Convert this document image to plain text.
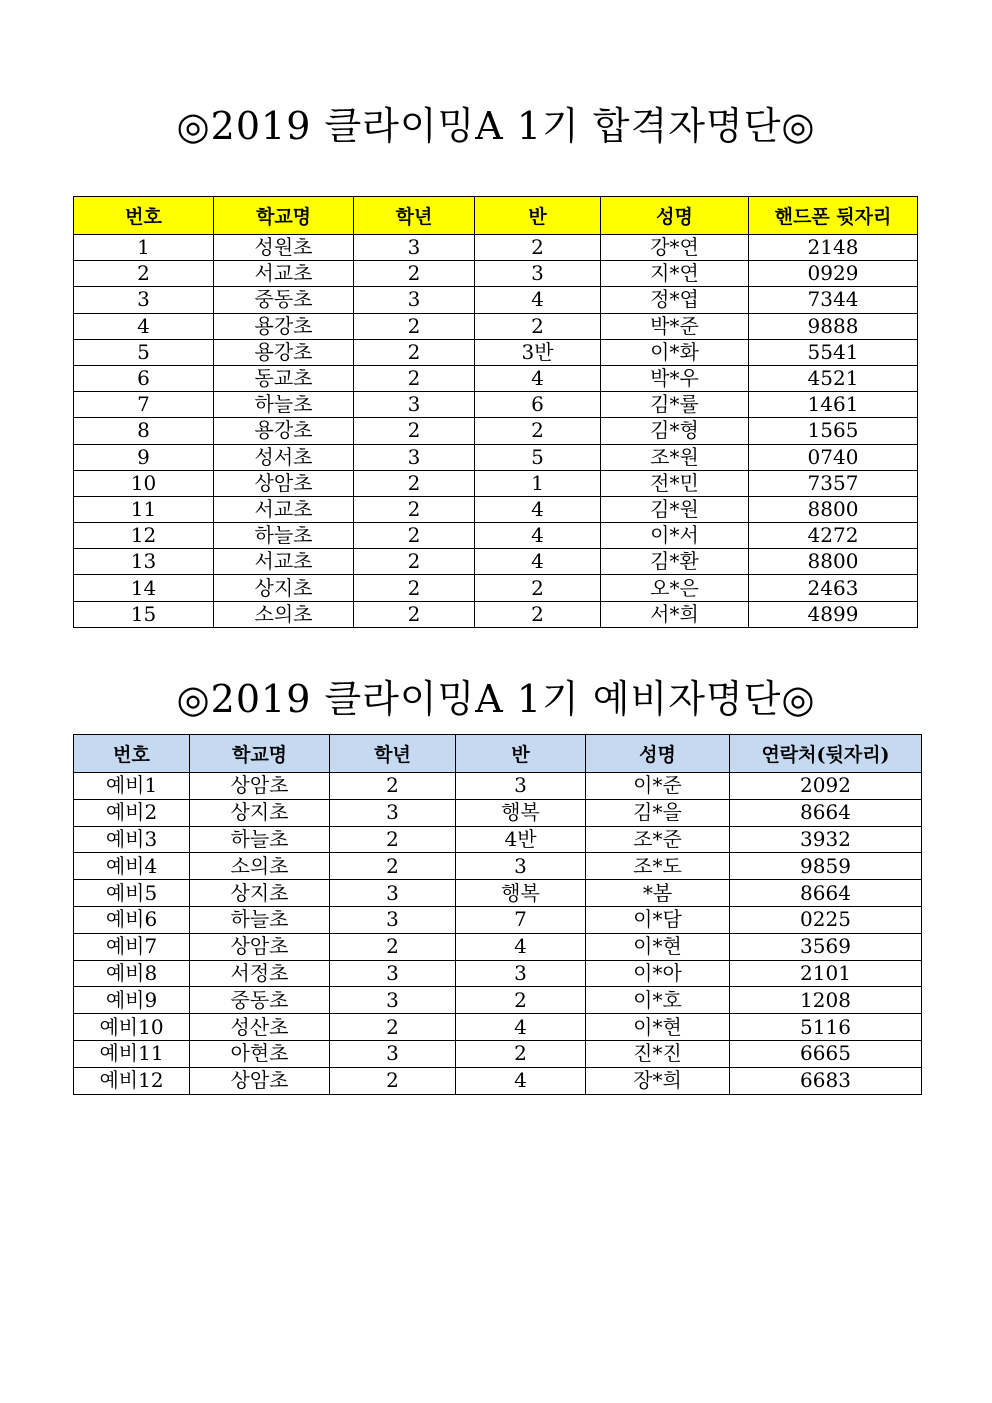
◎2019 클라이밍A 1기 합격자명단◎
번호	학교명	학년	반	성명	핸드폰 뒷자리
1	성원초	3	2	강*연	2148
2	서교초	2	3	지*연	0929
3	중동초	3	4	정*엽	7344
4	용강초	2	2	박*준	9888
5	용강초	2	3반	이*화	5541
6	동교초	2	4	박*우	4521
7	하늘초	3	6	김*률	1461
8	용강초	2	2	김*형	1565
9	성서초	3	5	조*원	0740
10	상암초	2	1	전*민	7357
11	서교초	2	4	김*원	8800
12	하늘초	2	4	이*서	4272
13	서교초	2	4	김*환	8800
14	상지초	2	2	오*은	2463
15	소의초	2	2	서*희	4899
◎2019 클라이밍A 1기 예비자명단◎
번호	학교명	학년	반	성명	연락처(뒷자리)
예비1	상암초	2	3	이*준	2092
예비2	상지초	3	행복	김*을	8664
예비3	하늘초	2	4반	조*준	3932
예비4	소의초	2	3	조*도	9859
예비5	상지초	3	행복	*봄	8664
예비6	하늘초	3	7	이*담	0225
예비7	상암초	2	4	이*현	3569
예비8	서정초	3	3	이*아	2101
예비9	중동초	3	2	이*호	1208
예비10	성산초	2	4	이*현	5116
예비11	아현초	3	2	진*진	6665
예비12	상암초	2	4	장*희	6683
